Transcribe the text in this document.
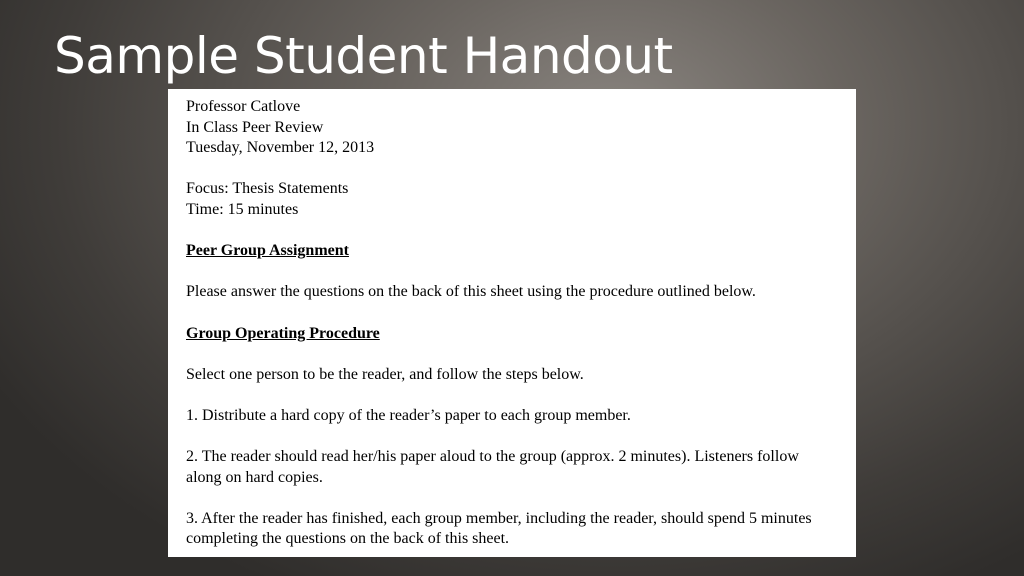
Sample Student Handout

Professor Catlove

In Class Peer Review

Tuesday, November 12, 2013

Focus: Thesis Statements

Time: 15 minutes

Peer Group Assignment

Please answer the questions on the back of this sheet using the procedure outlined below.

Group Operating Procedure

Select one person to be the reader, and follow the steps below.

1. Distribute a hard copy of the reader’s paper to each group member.

2. The reader should read her/his paper aloud to the group (approx. 2 minutes). Listeners follow along on hard copies.

3. After the reader has finished, each group member, including the reader, should spend 5 minutes completing the questions on the back of this sheet.
